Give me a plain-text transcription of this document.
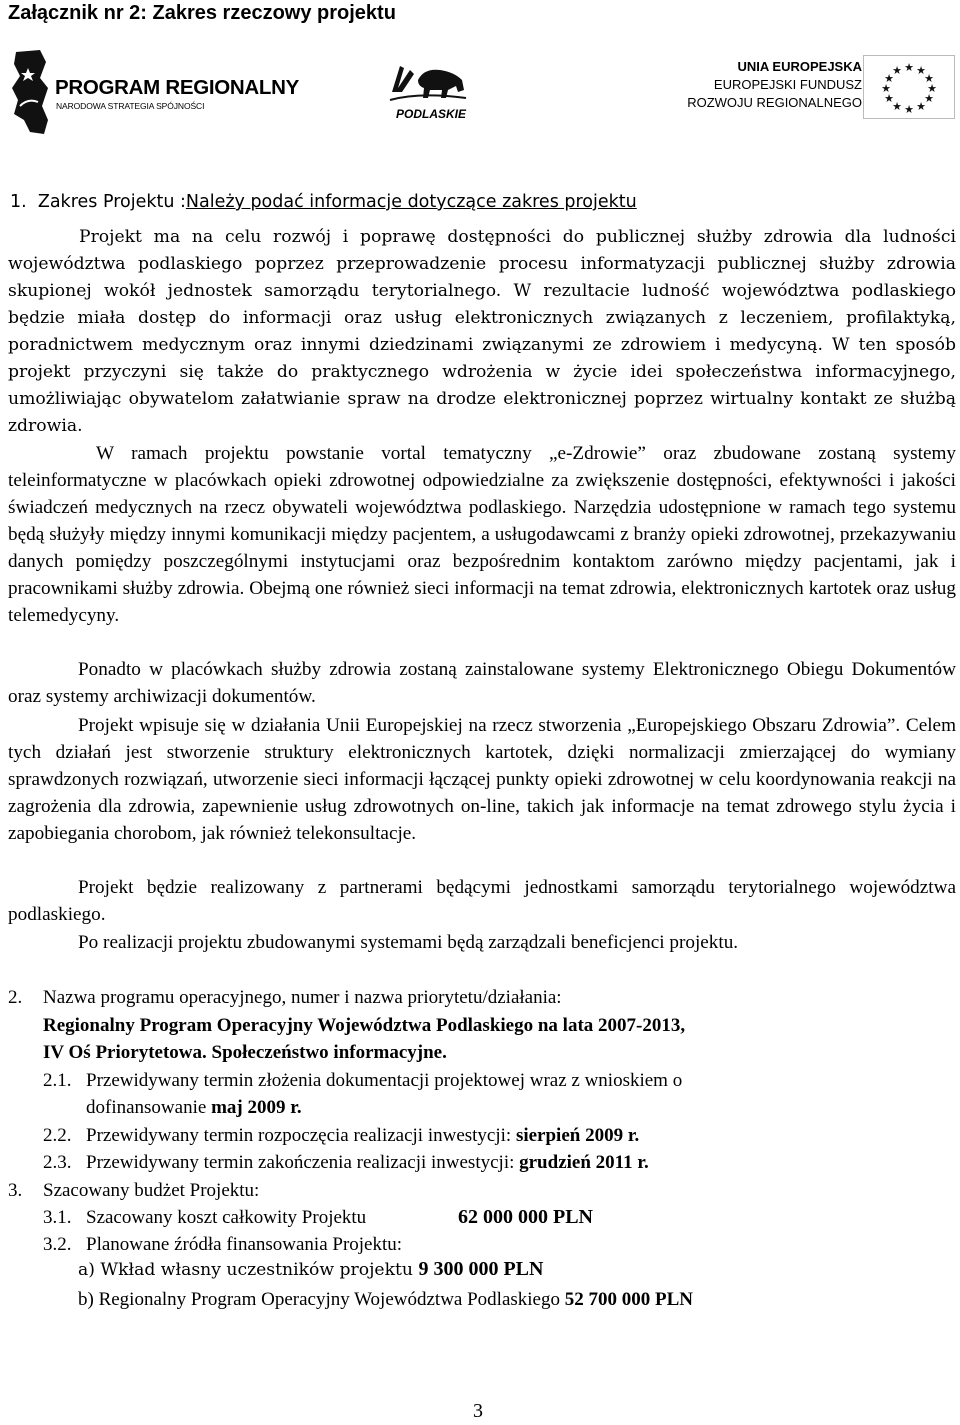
Załącznik nr 2: Zakres rzeczowy projektu
PROGRAM REGIONALNY
NARODOWA STRATEGIA SPÓJNOŚCI
PODLASKIE
UNIA EUROPEJSKA
EUROPEJSKI FUNDUSZ
ROZWOJU REGIONALNEGO
★ ★
★
★
★
★
★
★
★
★
★
★
1. Zakres Projektu :Należy podać informacje dotyczące zakres projektu
Projekt ma na celu rozwój i poprawę dostępności do publicznej służby zdrowia dla ludności województwa podlaskiego poprzez przeprowadzenie procesu informatyzacji publicznej służby zdrowia skupionej wokół jednostek samorządu terytorialnego. W rezultacie ludność województwa podlaskiego będzie miała dostęp do informacji oraz usług elektronicznych związanych z leczeniem, profilaktyką, poradnictwem medycznym oraz innymi dziedzinami związanymi ze zdrowiem i medycyną. W ten sposób projekt przyczyni się także do praktycznego wdrożenia w życie idei społeczeństwa informacyjnego, umożliwiając obywatelom załatwianie spraw na drodze elektronicznej poprzez wirtualny kontakt ze służbą zdrowia.
W ramach projektu powstanie vortal tematyczny „e-Zdrowie” oraz zbudowane zostaną systemy teleinformatyczne w placówkach opieki zdrowotnej odpowiedzialne za zwiększenie dostępności, efektywności i jakości świadczeń medycznych na rzecz obywateli województwa podlaskiego. Narzędzia udostępnione w ramach tego systemu będą służyły między innymi komunikacji między pacjentem, a usługodawcami z branży opieki zdrowotnej, przekazywaniu danych pomiędzy poszczególnymi instytucjami oraz bezpośrednim kontaktom zarówno między pacjentami, jak i pracownikami służby zdrowia. Obejmą one również sieci informacji na temat zdrowia, elektronicznych kartotek oraz usług telemedycyny.
Ponadto w placówkach służby zdrowia zostaną zainstalowane systemy Elektronicznego Obiegu Dokumentów oraz systemy archiwizacji dokumentów.
Projekt wpisuje się w działania Unii Europejskiej na rzecz stworzenia „Europejskiego Obszaru Zdrowia”. Celem tych działań jest stworzenie struktury elektronicznych kartotek, dzięki normalizacji zmierzającej do wymiany sprawdzonych rozwiązań, utworzenie sieci informacji łączącej punkty opieki zdrowotnej w celu koordynowania reakcji na zagrożenia dla zdrowia, zapewnienie usług zdrowotnych on-line, takich jak informacje na temat zdrowego stylu życia i zapobiegania chorobom, jak również telekonsultacje.
Projekt będzie realizowany z partnerami będącymi jednostkami samorządu terytorialnego województwa podlaskiego.
Po realizacji projektu zbudowanymi systemami będą zarządzali beneficjenci projektu.
2. Nazwa programu operacyjnego, numer i nazwa priorytetu/działania:
Regionalny Program Operacyjny Województwa Podlaskiego na lata 2007-2013,
IV Oś Priorytetowa. Społeczeństwo informacyjne.
2.1. Przewidywany termin złożenia dokumentacji projektowej wraz z wnioskiem o
dofinansowanie maj 2009 r.
2.2. Przewidywany termin rozpoczęcia realizacji inwestycji: sierpień 2009 r.
2.3. Przewidywany termin zakończenia realizacji inwestycji: grudzień 2011 r.
3. Szacowany budżet Projektu:
3.1. Szacowany koszt całkowity Projektu	62 000 000 PLN
3.2. Planowane źródła finansowania Projektu:
a) Wkład własny uczestników projektu 9 300 000 PLN
b) Regionalny Program Operacyjny Województwa Podlaskiego 52 700 000 PLN
3
